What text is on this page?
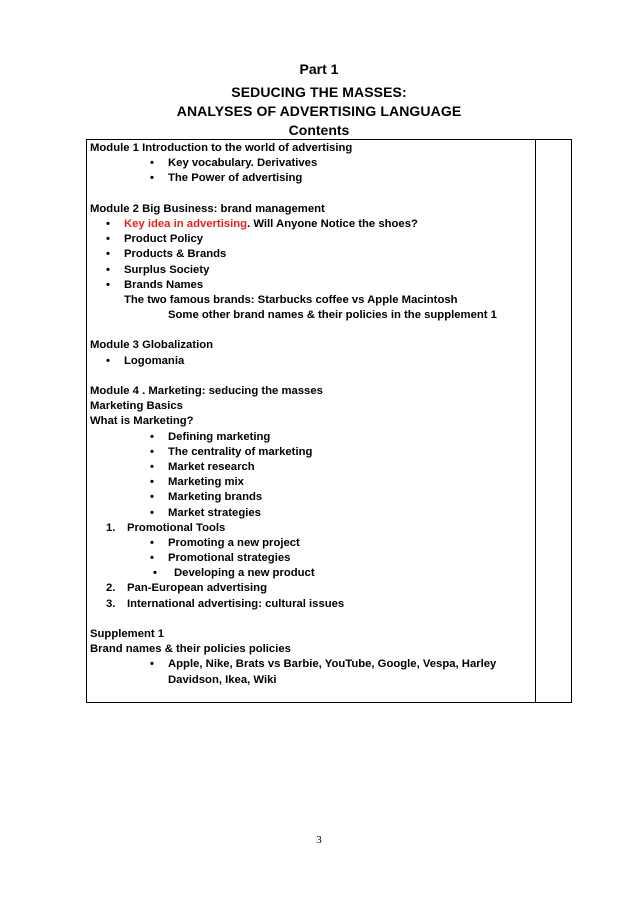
Part 1
SEDUCING THE MASSES:
ANALYSES OF ADVERTISING LANGUAGE
Contents
Module 1 Introduction to the world of advertising
• Key vocabulary. Derivatives
• The Power of advertising
Module 2 Big Business: brand management
• Key idea in advertising. Will Anyone Notice the shoes?
• Product Policy
• Products & Brands
• Surplus Society
• Brands Names
The two famous brands: Starbucks coffee vs Apple Macintosh
Some other brand names & their policies in the supplement 1
Module 3 Globalization
• Logomania
Module 4 . Marketing: seducing the masses
Marketing Basics
What is Marketing?
• Defining marketing
• The centrality of marketing
• Market research
• Marketing mix
• Marketing brands
• Market strategies
1. Promotional Tools
• Promoting a new project
• Promotional strategies
• Developing a new product
2. Pan-European advertising
3. International advertising: cultural issues
Supplement 1
Brand names & their policies policies
• Apple, Nike, Brats vs Barbie, YouTube, Google, Vespa, Harley Davidson, Ikea, Wiki

3
